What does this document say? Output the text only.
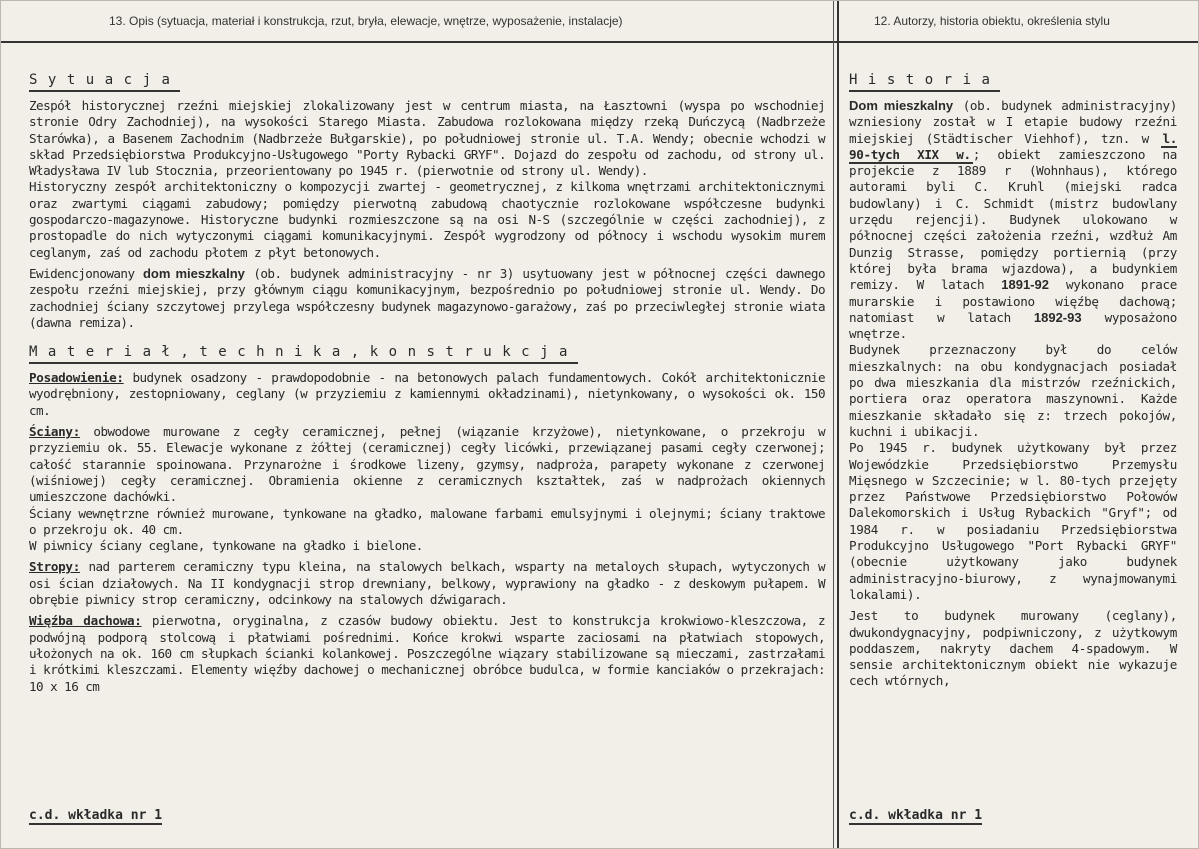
13. Opis (sytuacja, materiał i konstrukcja, rzut, bryła, elewacje, wnętrze, wyposażenie, instalacje)	12. Autorzy, historia obiektu, określenia stylu
Sytuacja

Zespół historycznej rzeźni miejskiej zlokalizowany jest w centrum miasta, na Łasztowni (wyspa po wschodniej stronie Odry Zachodniej), na wysokości Starego Miasta. Zabudowa rozlokowana między rzeką Duńczycą (Nadbrzeże Starówka), a Basenem Zachodnim (Nadbrzeże Bułgarskie), po południowej stronie ul. T.A. Wendy; obecnie wchodzi w skład Przedsiębiorstwa Produkcyjno-Usługowego "Porty Rybacki GRYF". Dojazd do zespołu od zachodu, od strony ul. Władysława IV lub Stocznia, przeorientowany po 1945 r. (pierwotnie od strony ul. Wendy).

Historyczny zespół architektoniczny o kompozycji zwartej - geometrycznej, z kilkoma wnętrzami architektonicznymi oraz zwartymi ciągami zabudowy; pomiędzy pierwotną zabudową chaotycznie rozlokowane współczesne budynki gospodarczo-magazynowe. Historyczne budynki rozmieszczone są na osi N-S (szczególnie w części zachodniej), z prostopadle do nich wytyczonymi ciągami komunikacyjnymi. Zespół wygrodzony od północy i wschodu wysokim murem ceglanym, zaś od zachodu płotem z płyt betonowych.

Ewidencjonowany dom mieszkalny (ob. budynek administracyjny - nr 3) usytuowany jest w północnej części dawnego zespołu rzeźni miejskiej, przy głównym ciągu komunikacyjnym, bezpośrednio po południowej stronie ul. Wendy. Do zachodniej ściany szczytowej przylega współczesny budynek magazynowo-garażowy, zaś po przeciwległej stronie wiata (dawna remiza).

Materiał,technika,konstrukcja

Posadowienie: budynek osadzony - prawdopodobnie - na betonowych palach fundamentowych. Cokół architektonicznie wyodrębniony, zestopniowany, ceglany (w przyziemiu z kamiennymi okładzinami), nietynkowany, o wysokości ok. 150 cm.

Ściany: obwodowe murowane z cegły ceramicznej, pełnej (wiązanie krzyżowe), nietynkowane, o przekroju w przyziemiu ok. 55. Elewacje wykonane z żółtej (ceramicznej) cegły licówki, przewiązanej pasami cegły czerwonej; całość starannie spoinowana. Przynarożne i środkowe lizeny, gzymsy, nadproża, parapety wykonane z czerwonej (wiśniowej) cegły ceramicznej. Obramienia okienne z ceramicznych kształtek, zaś w nadprożach okiennych umieszczone dachówki.

Ściany wewnętrzne również murowane, tynkowane na gładko, malowane farbami emulsyjnymi i olejnymi; ściany traktowe o przekroju ok. 40 cm.

W piwnicy ściany ceglane, tynkowane na gładko i bielone.

Stropy: nad parterem ceramiczny typu kleina, na stalowych belkach, wsparty na metaloych słupach, wytyczonych w osi ścian działowych. Na II kondygnacji strop drewniany, belkowy, wyprawiony na gładko - z deskowym pułapem. W obrębie piwnicy strop ceramiczny, odcinkowy na stalowych dźwigarach.

Więźba dachowa: pierwotna, oryginalna, z czasów budowy obiektu. Jest to konstrukcja krokwiowo-kleszczowa, z podwójną podporą stolcową i płatwiami pośrednimi. Końce krokwi wsparte zaciosami na płatwiach stopowych, ułożonych na ok. 160 cm słupkach ścianki kolankowej. Poszczególne wiązary stabilizowane są mieczami, zastrzałami i krótkimi kleszczami. Elementy więźby dachowej o mechanicznej obróbce budulca, w formie kanciaków o przekrajach: 10 x 16 cm

c.d. wkładka nr 1
Historia

Dom mieszkalny (ob. budynek administracyjny) wzniesiony został w I etapie budowy rzeźni miejskiej (Städtischer Viehhof), tzn. w l. 90-tych XIX w. ; obiekt zamieszczono na projekcie z 1889 r (Wohnhaus), którego autorami byli C. Kruhl (miejski radca budowlany) i C. Schmidt (mistrz budowlany urzędu rejencji). Budynek ulokowano w północnej części założenia rzeźni, wzdłuż Am Dunzig Strasse, pomiędzy portiernią (przy której była brama wjazdowa), a budynkiem remizy. W latach 1891-92 wykonano prace murarskie i postawiono więźbę dachową; natomiast w latach 1892-93 wyposażono wnętrze.

Budynek przeznaczony był do celów mieszkalnych: na obu kondygnacjach posiadał po dwa mieszkania dla mistrzów rzeźnickich, portiera oraz operatora maszynowni. Każde mieszkanie składało się z: trzech pokojów, kuchni i ubikacji.

Po 1945 r. budynek użytkowany był przez Wojewódzkie Przedsiębiorstwo Przemysłu Mięsnego w Szczecinie; w l. 80-tych przejęty przez Państwowe Przedsiębiorstwo Połowów Dalekomorskich i Usług Rybackich "Gryf"; od 1984 r. w posiadaniu Przedsiębiorstwa Produkcyjno Usługowego "Port Rybacki GRYF" (obecnie użytkowany jako budynek administracyjno-biurowy, z wynajmowanymi lokalami).

Jest to budynek murowany (ceglany), dwukondygnacyjny, podpiwniczony, z użytkowym poddaszem, nakryty dachem 4-spadowym. W sensie architektonicznym obiekt nie wykazuje cech wtórnych,

c.d. wkładka nr 1
